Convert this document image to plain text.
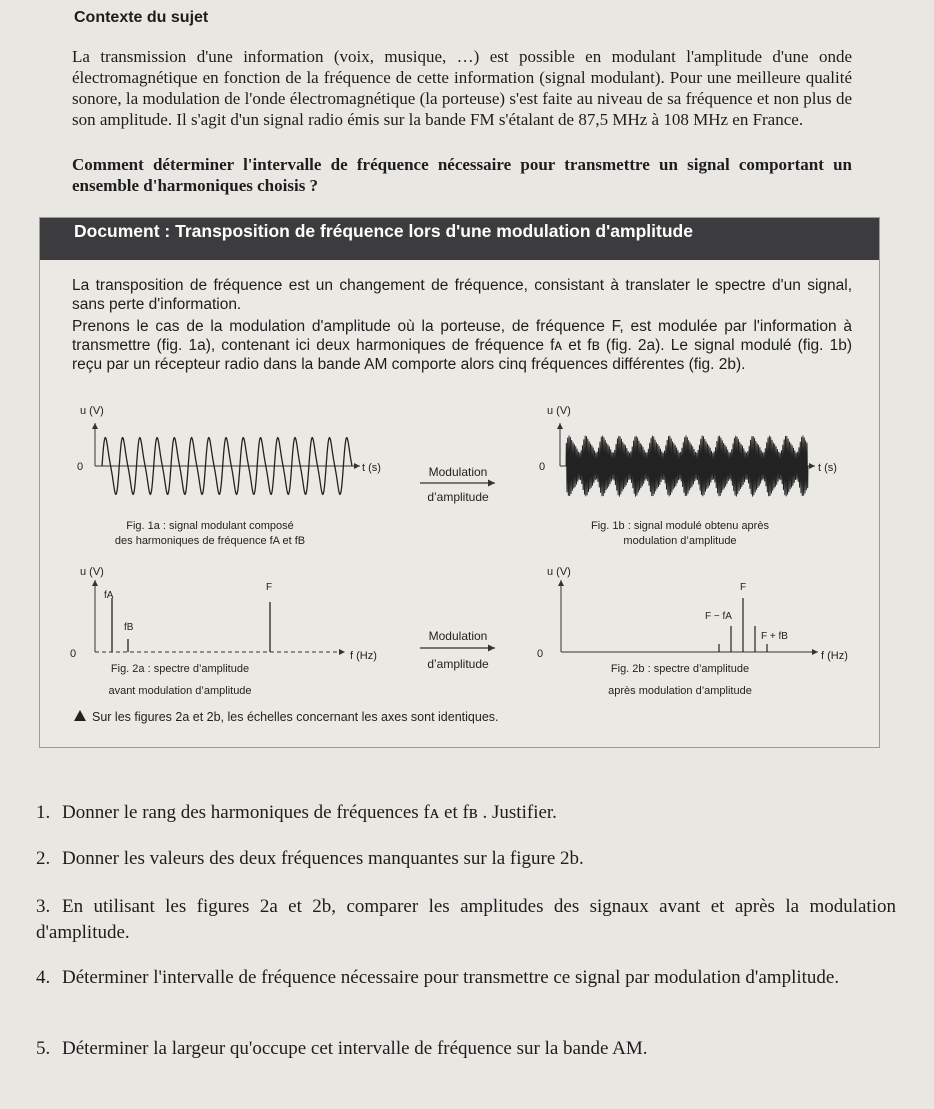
Contexte du sujet

La transmission d'une information (voix, musique, …) est possible en modulant l'amplitude d'une onde électromagnétique en fonction de la fréquence de cette information (signal modulant). Pour une meilleure qualité sonore, la modulation de l'onde électromagnétique (la porteuse) s'est faite au niveau de sa fréquence et non plus de son amplitude. Il s'agit d'un signal radio émis sur la bande FM s'étalant de 87,5 MHz à 108 MHz en France.

Comment déterminer l'intervalle de fréquence nécessaire pour transmettre un signal comportant un ensemble d'harmoniques choisis ?

Document : Transposition de fréquence lors d'une modulation d'amplitude

La transposition de fréquence est un changement de fréquence, consistant à translater le spectre d'un signal, sans perte d'information.

Prenons le cas de la modulation d'amplitude où la porteuse, de fréquence F, est modulée par l'information à transmettre (fig. 1a), contenant ici deux harmoniques de fréquence fᴀ et fʙ (fig. 2a). Le signal modulé (fig. 1b) reçu par un récepteur radio dans la bande AM comporte alors cinq fréquences différentes (fig. 2b).

u (V)
0	t (s)
Fig. 1a : signal modulant composé
des harmoniques de fréquence fA et fB
Modulation
d’amplitude
u (V)
0	t (s)
Fig. 1b : signal modulé obtenu après
modulation d’amplitude
u (V)
0	f (Hz)
fA
fB
F
Fig. 2a : spectre d’amplitude
avant modulation d’amplitude
Modulation
d’amplitude
u (V)
0	f (Hz)
F
F − fA
F + fB
Fig. 2b : spectre d’amplitude
après modulation d’amplitude
Sur les figures 2a et 2b, les échelles concernant les axes sont identiques.
1. Donner le rang des harmoniques de fréquences fᴀ et fʙ . Justifier.
2. Donner les valeurs des deux fréquences manquantes sur la figure 2b.
3. En utilisant les figures 2a et 2b, comparer les amplitudes des signaux avant et après la modulation d'amplitude.
4. Déterminer l'intervalle de fréquence nécessaire pour transmettre ce signal par modulation d'amplitude.
5. Déterminer la largeur qu'occupe cet intervalle de fréquence sur la bande AM.
